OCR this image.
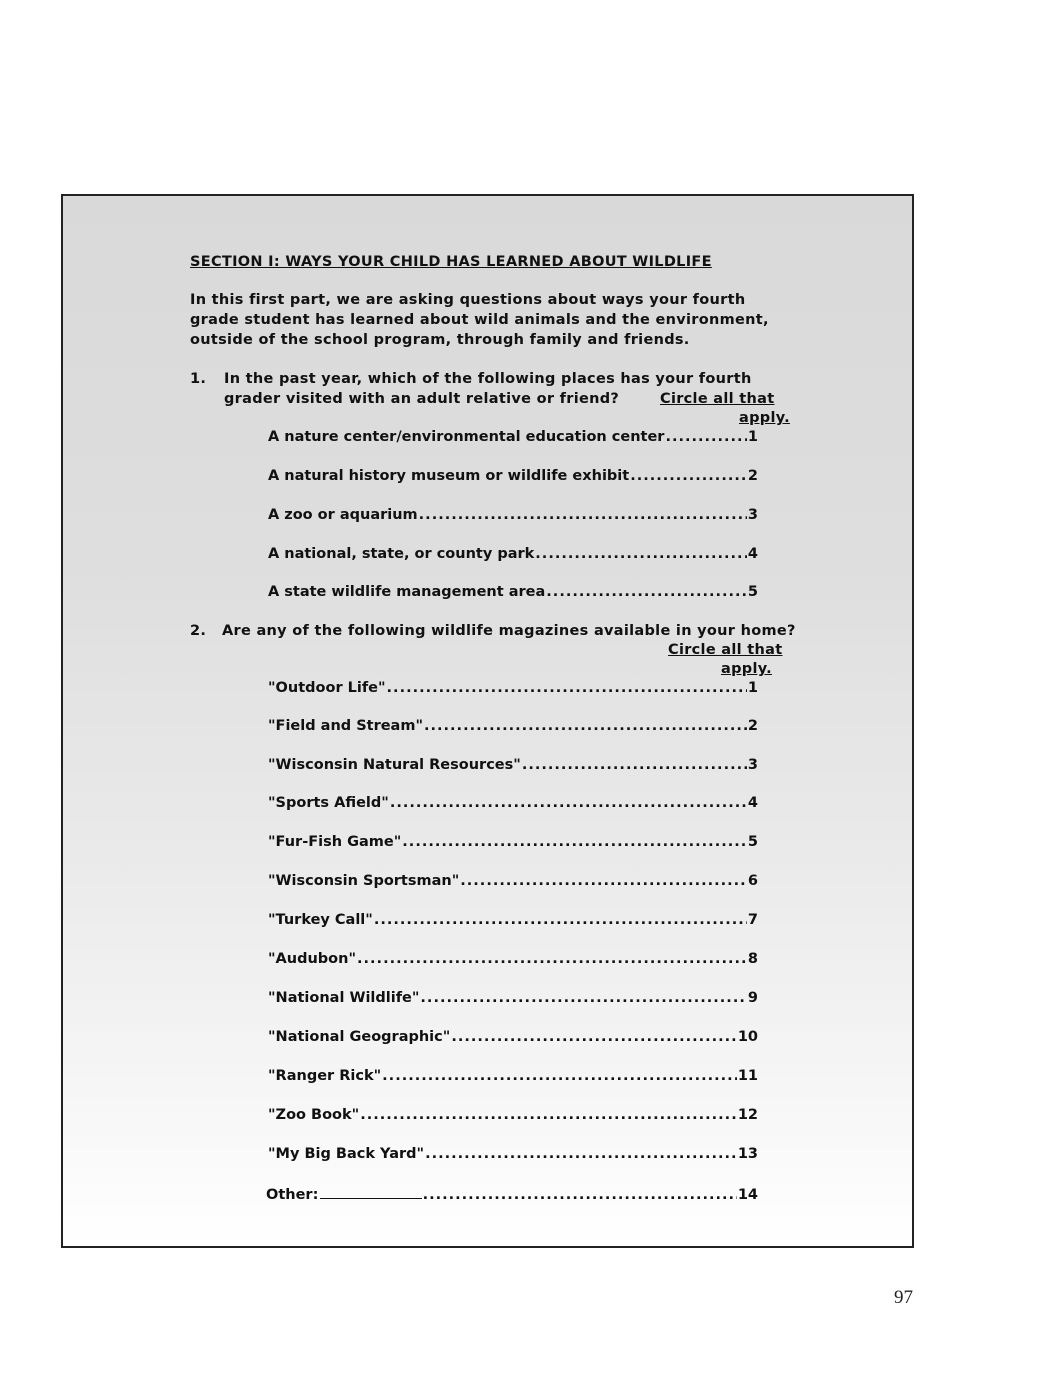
SECTION I: WAYS YOUR CHILD HAS LEARNED ABOUT WILDLIFE
In this first part, we are asking questions about ways your fourth
grade student has learned about wild animals and the environment,
outside of the school program, through family and friends.
1. In the past year, which of the following places has your fourth
grader visited with an adult relative or friend?	Circle all that
apply.
A nature center/environmental education center .....	1
A natural history museum or wildlife exhibit .....	2
A zoo or aquarium .....	3
A national, state, or county park .....	4
A state wildlife management area .....	5
2. Are any of the following wildlife magazines available in your home?
Circle all that
apply.
"Outdoor Life" .....	1
"Field and Stream" .....	2
"Wisconsin Natural Resources" .....	3
"Sports Afield" .....	4
"Fur-Fish Game" .....	5
"Wisconsin Sportsman" .....	6
"Turkey Call" .....	7
"Audubon" .....	8
"National Wildlife" .....	9
"National Geographic" .....	10
"Ranger Rick" .....	11
"Zoo Book" .....	12
"My Big Back Yard" .....	13
Other: .....	14
97
